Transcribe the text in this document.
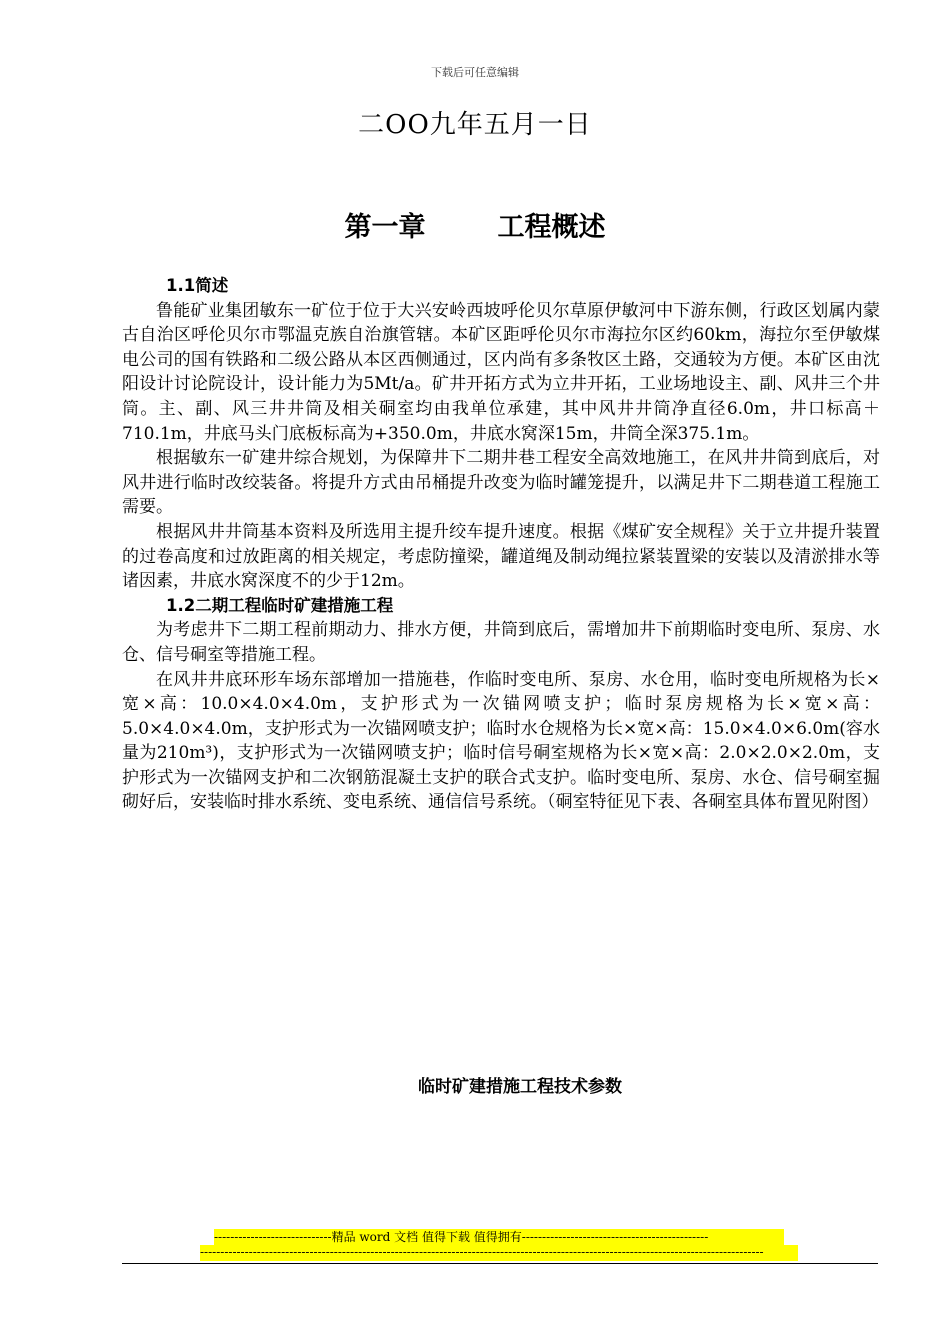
下载后可任意编辑
二OO九年五月一日
第一章	工程概述
1.1简述

鲁能矿业集团敏东一矿位于位于大兴安岭西坡呼伦贝尔草原伊敏河中下游东侧，行政区划属内蒙古自治区呼伦贝尔市鄂温克族自治旗管辖。本矿区距呼伦贝尔市海拉尔区约60km，海拉尔至伊敏煤电公司的国有铁路和二级公路从本区西侧通过，区内尚有多条牧区土路，交通较为方便。本矿区由沈阳设计讨论院设计，设计能力为5Mt/a。矿井开拓方式为立井开拓，工业场地设主、副、风井三个井筒。主、副、风三井井筒及相关硐室均由我单位承建，其中风井井筒净直径6.0m，井口标高＋710.1m，井底马头门底板标高为+350.0m，井底水窝深15m，井筒全深375.1m。

根据敏东一矿建井综合规划，为保障井下二期井巷工程安全高效地施工，在风井井筒到底后，对风井进行临时改绞装备。将提升方式由吊桶提升改变为临时罐笼提升，以满足井下二期巷道工程施工需要。

根据风井井筒基本资料及所选用主提升绞车提升速度。根据《煤矿安全规程》关于立井提升装置的过卷高度和过放距离的相关规定，考虑防撞梁，罐道绳及制动绳拉紧装置梁的安装以及清淤排水等诸因素，井底水窝深度不的少于12m。

1.2二期工程临时矿建措施工程

为考虑井下二期工程前期动力、排水方便，井筒到底后，需增加井下前期临时变电所、泵房、水仓、信号硐室等措施工程。

在风井井底环形车场东部增加一措施巷，作临时变电所、泵房、水仓用，临时变电所规格为长×宽×高：10.0×4.0×4.0m，支护形式为一次锚网喷支护；临时泵房规格为长×宽×高：5.0×4.0×4.0m，支护形式为一次锚网喷支护；临时水仓规格为长×宽×高：15.0×4.0×6.0m(容水量为210m³)，支护形式为一次锚网喷支护；临时信号硐室规格为长×宽×高：2.0×2.0×2.0m，支护形式为一次锚网支护和二次钢筋混凝土支护的联合式支护。临时变电所、泵房、水仓、信号硐室掘砌好后，安装临时排水系统、变电系统、通信信号系统。（硐室特征见下表、各硐室具体布置见附图）

临时矿建措施工程技术参数
-----------------------------精品 word 文档 值得下载 值得拥有----------------------------------------------
-------------------------------------------------------------------------------------------------------------------------------------------
